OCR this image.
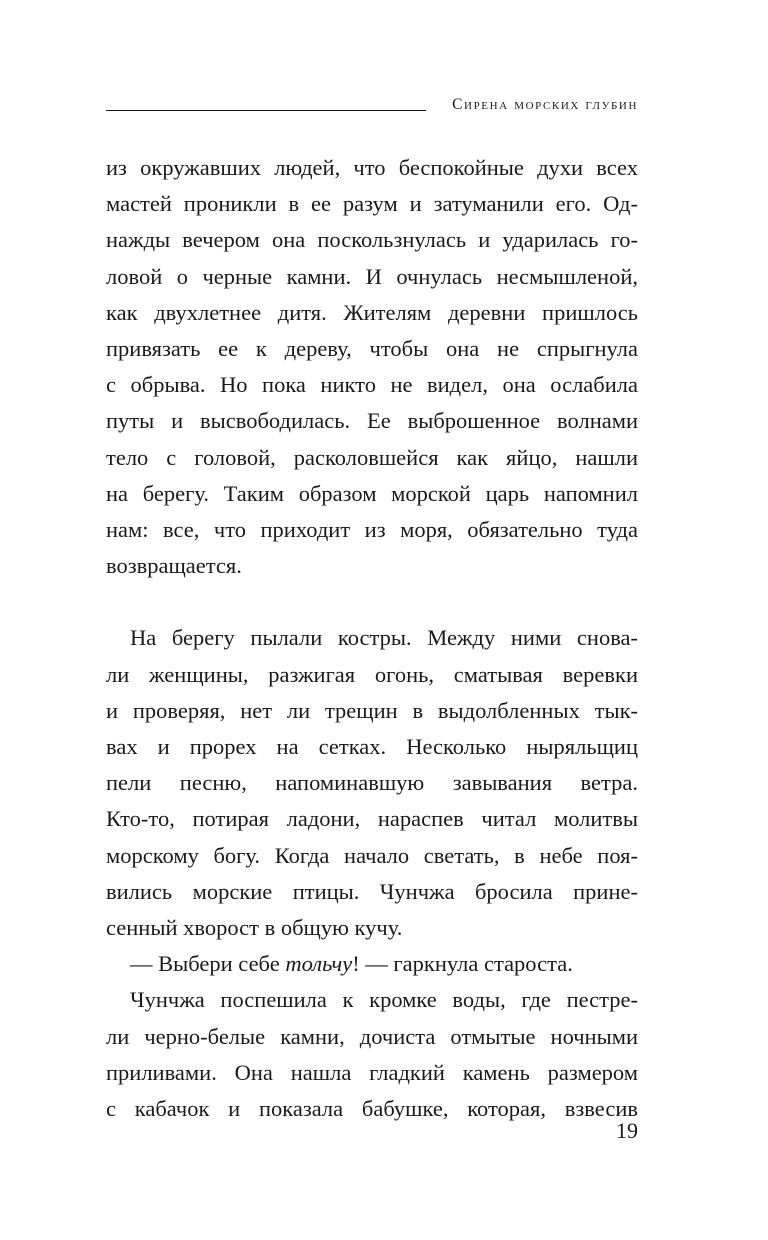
Сирена морских глубин
из окружавших людей, что беспокойные духи всех
мастей проникли в ее разум и затуманили его. Од-
нажды вечером она поскользнулась и ударилась го-
ловой о черные камни. И очнулась несмышленой,
как двухлетнее дитя. Жителям деревни пришлось
привязать ее к дереву, чтобы она не спрыгнула
с обрыва. Но пока никто не видел, она ослабила
путы и высвободилась. Ее выброшенное волнами
тело с головой, расколовшейся как яйцо, нашли
на берегу. Таким образом морской царь напомнил
нам: все, что приходит из моря, обязательно туда
возвращается.
На берегу пылали костры. Между ними снова-
ли женщины, разжигая огонь, сматывая веревки
и проверяя, нет ли трещин в выдолбленных тык-
вах и прорех на сетках. Несколько ныряльщиц
пели песню, напоминавшую завывания ветра.
Кто-то, потирая ладони, нараспев читал молитвы
морскому богу. Когда начало светать, в небе поя-
вились морские птицы. Чунчжа бросила прине-
сенный хворост в общую кучу.
— Выбери себе тольчу! — гаркнула староста.
Чунчжа поспешила к кромке воды, где пестре-
ли черно-белые камни, дочиста отмытые ночными
приливами. Она нашла гладкий камень размером
с кабачок и показала бабушке, которая, взвесив
19
